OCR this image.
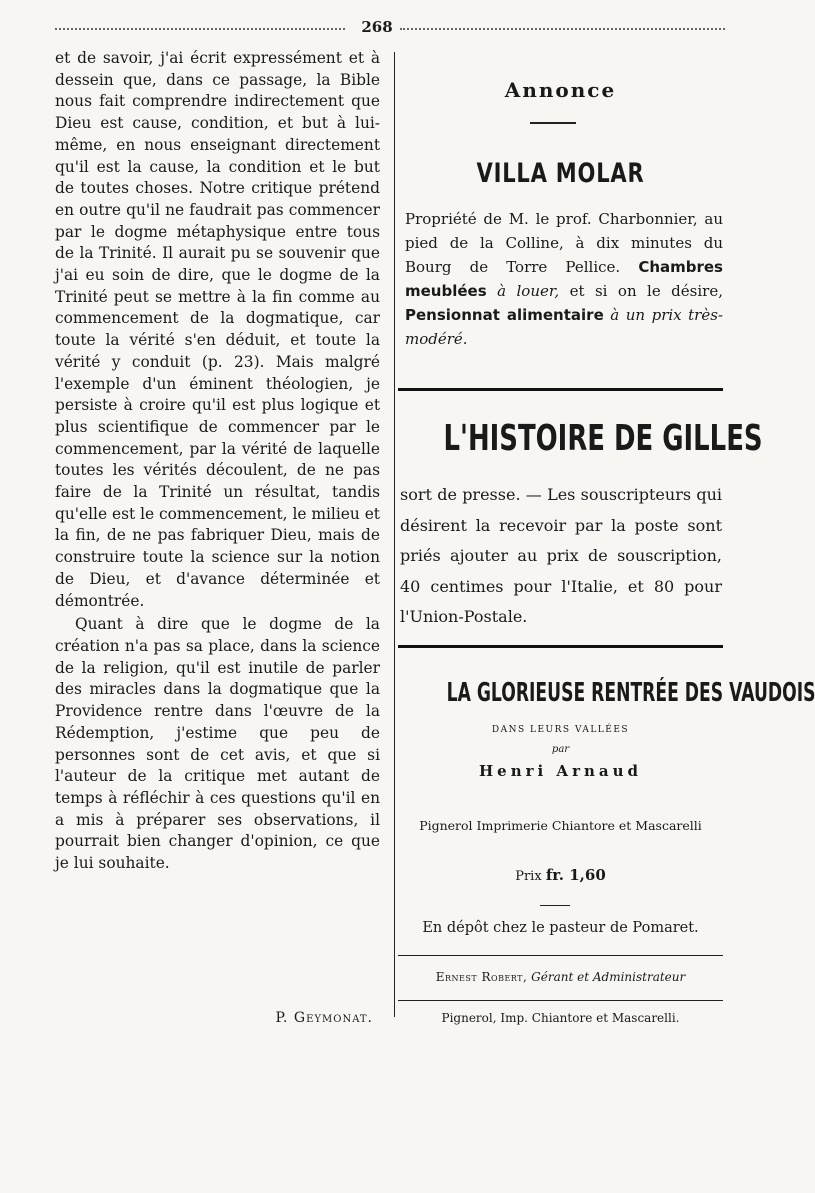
268

et de savoir, j'ai écrit expressément et à dessein que, dans ce passage, la Bible nous fait comprendre indirectement que Dieu est cause, condition, et but à lui-même, en nous enseignant directement qu'il est la cause, la condition et le but de toutes choses. Notre critique prétend en outre qu'il ne faudrait pas commencer par le dogme métaphysique entre tous de la Trinité. Il aurait pu se souvenir que j'ai eu soin de dire, que le dogme de la Trinité peut se mettre à la fin comme au commencement de la dogmatique, car toute la vérité s'en déduit, et toute la vérité y conduit (p. 23). Mais malgré l'exemple d'un éminent théologien, je persiste à croire qu'il est plus logique et plus scientifique de commencer par le commencement, par la vérité de laquelle toutes les vérités découlent, de ne pas faire de la Trinité un résultat, tandis qu'elle est le commencement, le milieu et la fin, de ne pas fabriquer Dieu, mais de construire toute la science sur la notion de Dieu, et d'avance déterminée et démontrée.

Quant à dire que le dogme de la création n'a pas sa place, dans la science de la religion, qu'il est inutile de parler des miracles dans la dogmatique que la Providence rentre dans l'œuvre de la Rédemption, j'estime que peu de personnes sont de cet avis, et que si l'auteur de la critique met autant de temps à réfléchir à ces questions qu'il en a mis à préparer ses observations, il pourrait bien changer d'opinion, ce que je lui souhaite.

P. Geymonat.
Annonce
VILLA MOLAR
Propriété de M. le prof. Charbonnier, au pied de la Colline, à dix minutes du Bourg de Torre Pellice. Chambres meublées à louer, et si on le désire, Pensionnat alimentaire à un prix très-modéré.
L'HISTOIRE DE GILLES
sort de presse. — Les souscripteurs qui désirent la recevoir par la poste sont priés ajouter au prix de souscription, 40 centimes pour l'Italie, et 80 pour l'Union-Postale.
LA GLORIEUSE RENTRÉE DES VAUDOIS
DANS LEURS VALLÉES
par
Henri Arnaud
Pignerol Imprimerie Chiantore et Mascarelli
Prix fr. 1,60
En dépôt chez le pasteur de Pomaret.
Ernest Robert, Gérant et Administrateur
Pignerol, Imp. Chiantore et Mascarelli.
